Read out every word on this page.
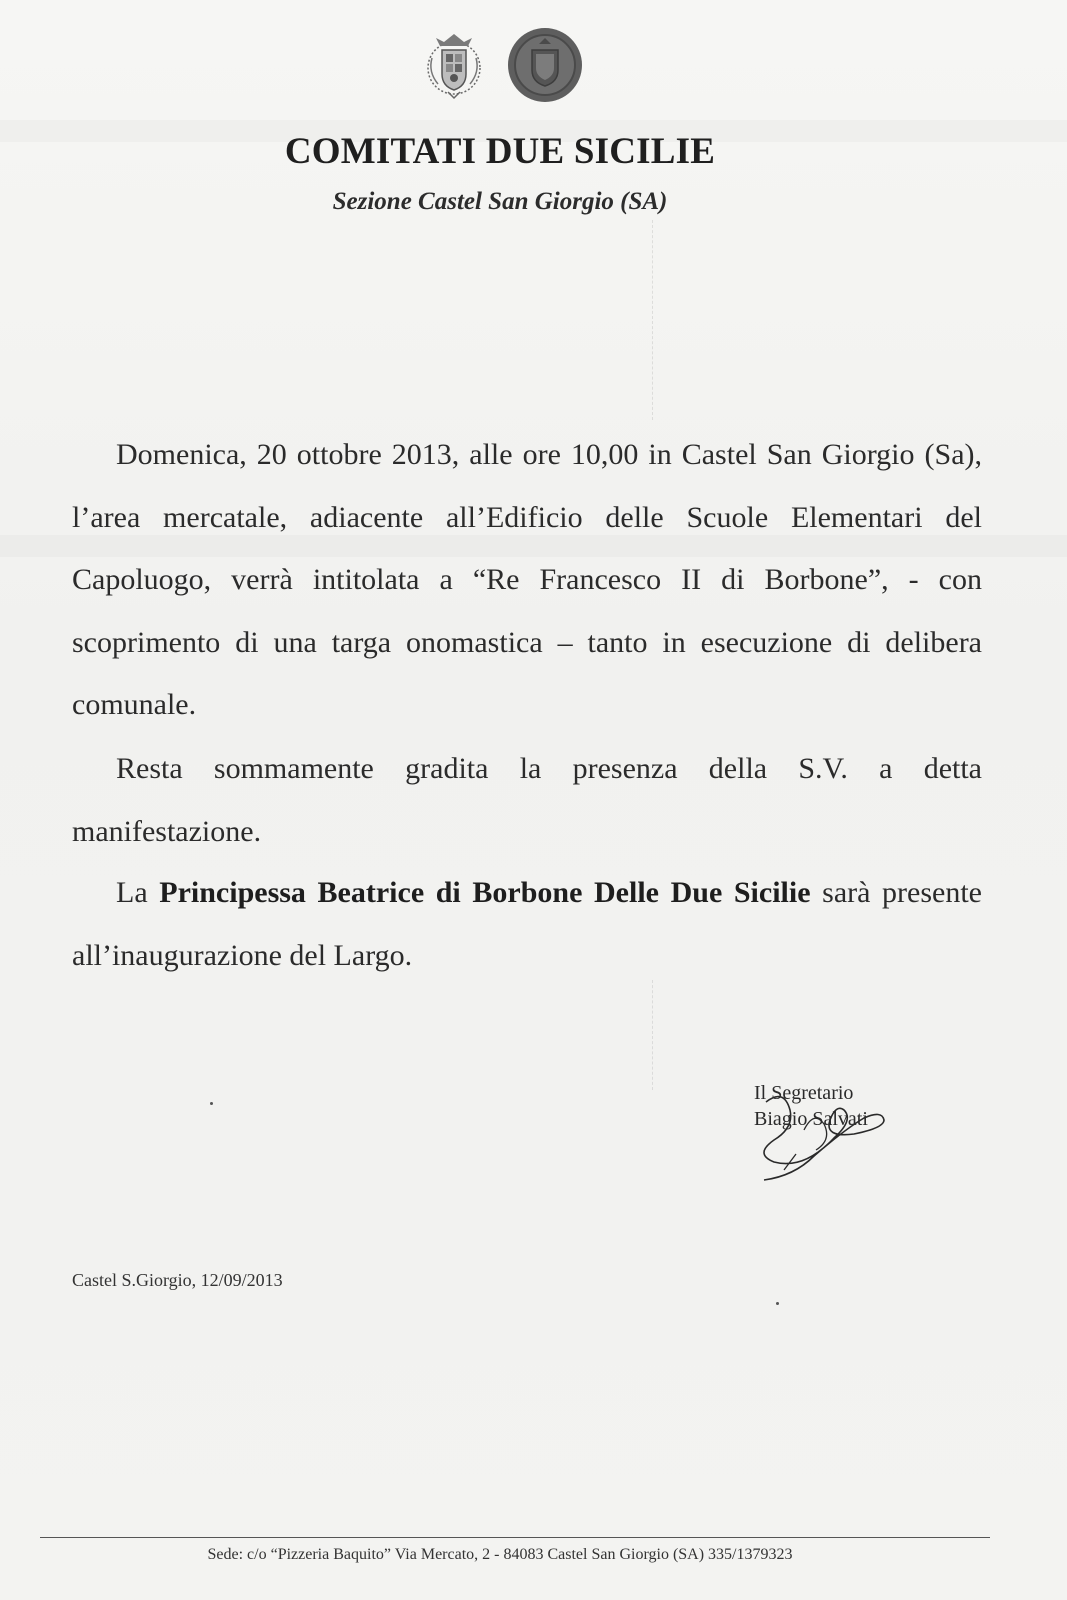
COMITATI DUE SICILIE
Sezione Castel San Giorgio (SA)

Domenica, 20 ottobre 2013, alle ore 10,00 in Castel San Giorgio (Sa), l’area mercatale, adiacente all’Edificio delle Scuole Elementari del Capoluogo, verrà intitolata a “Re Francesco II di Borbone”, - con scoprimento di una targa onomastica – tanto in esecuzione di delibera comunale.

Resta sommamente gradita la presenza della S.V. a detta manifestazione.

La Principessa Beatrice di Borbone Delle Due Sicilie sarà presente all’inaugurazione del Largo.

Il Segretario
Biagio Salvati
Castel S.Giorgio, 12/09/2013
Sede: c/o “Pizzeria Baquito” Via Mercato, 2 - 84083 Castel San Giorgio (SA) 335/1379323
